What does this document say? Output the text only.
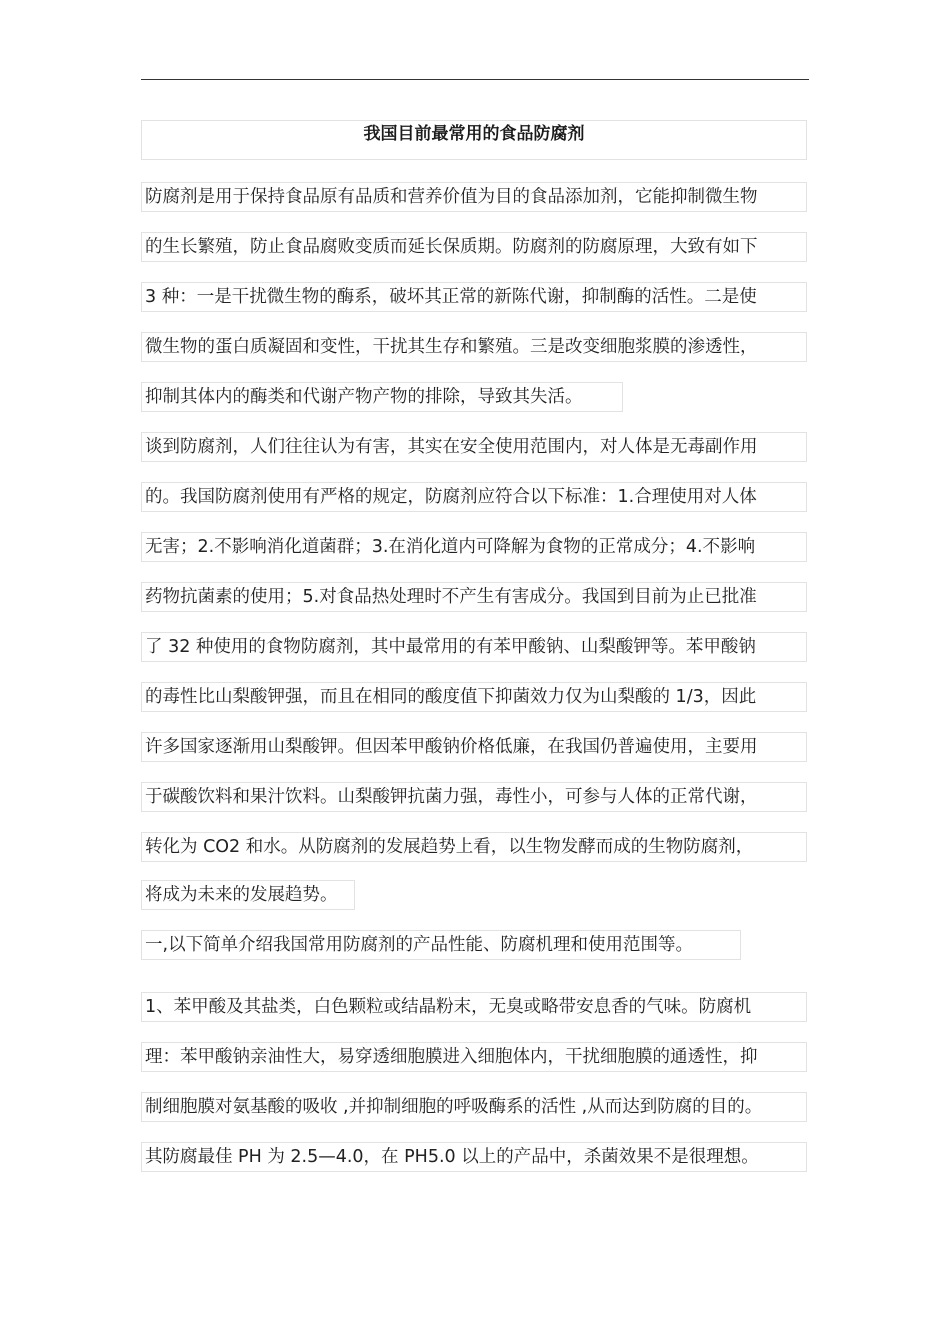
我国目前最常用的食品防腐剂
防腐剂是用于保持食品原有品质和营养价值为目的食品添加剂，它能抑制微生物
的生长繁殖，防止食品腐败变质而延长保质期。防腐剂的防腐原理，大致有如下
3 种：一是干扰微生物的酶系，破坏其正常的新陈代谢，抑制酶的活性。二是使
微生物的蛋白质凝固和变性，干扰其生存和繁殖。三是改变细胞浆膜的渗透性，
抑制其体内的酶类和代谢产物产物的排除，导致其失活。
谈到防腐剂，人们往往认为有害，其实在安全使用范围内，对人体是无毒副作用
的。我国防腐剂使用有严格的规定，防腐剂应符合以下标准：1.合理使用对人体
无害；2.不影响消化道菌群；3.在消化道内可降解为食物的正常成分；4.不影响
药物抗菌素的使用；5.对食品热处理时不产生有害成分。我国到目前为止已批准
了 32 种使用的食物防腐剂，其中最常用的有苯甲酸钠、山梨酸钾等。苯甲酸钠
的毒性比山梨酸钾强，而且在相同的酸度值下抑菌效力仅为山梨酸的 1/3，因此
许多国家逐渐用山梨酸钾。但因苯甲酸钠价格低廉，在我国仍普遍使用，主要用
于碳酸饮料和果汁饮料。山梨酸钾抗菌力强，毒性小，可参与人体的正常代谢，
转化为 CO2 和水。从防腐剂的发展趋势上看，以生物发酵而成的生物防腐剂，
将成为未来的发展趋势。
一,以下简单介绍我国常用防腐剂的产品性能、防腐机理和使用范围等。
1、苯甲酸及其盐类，白色颗粒或结晶粉末，无臭或略带安息香的气味。防腐机
理：苯甲酸钠亲油性大，易穿透细胞膜进入细胞体内，干扰细胞膜的通透性，抑
制细胞膜对氨基酸的吸收 ,并抑制细胞的呼吸酶系的活性 ,从而达到防腐的目的。
其防腐最佳 PH 为 2.5—4.0，在 PH5.0 以上的产品中，杀菌效果不是很理想。
